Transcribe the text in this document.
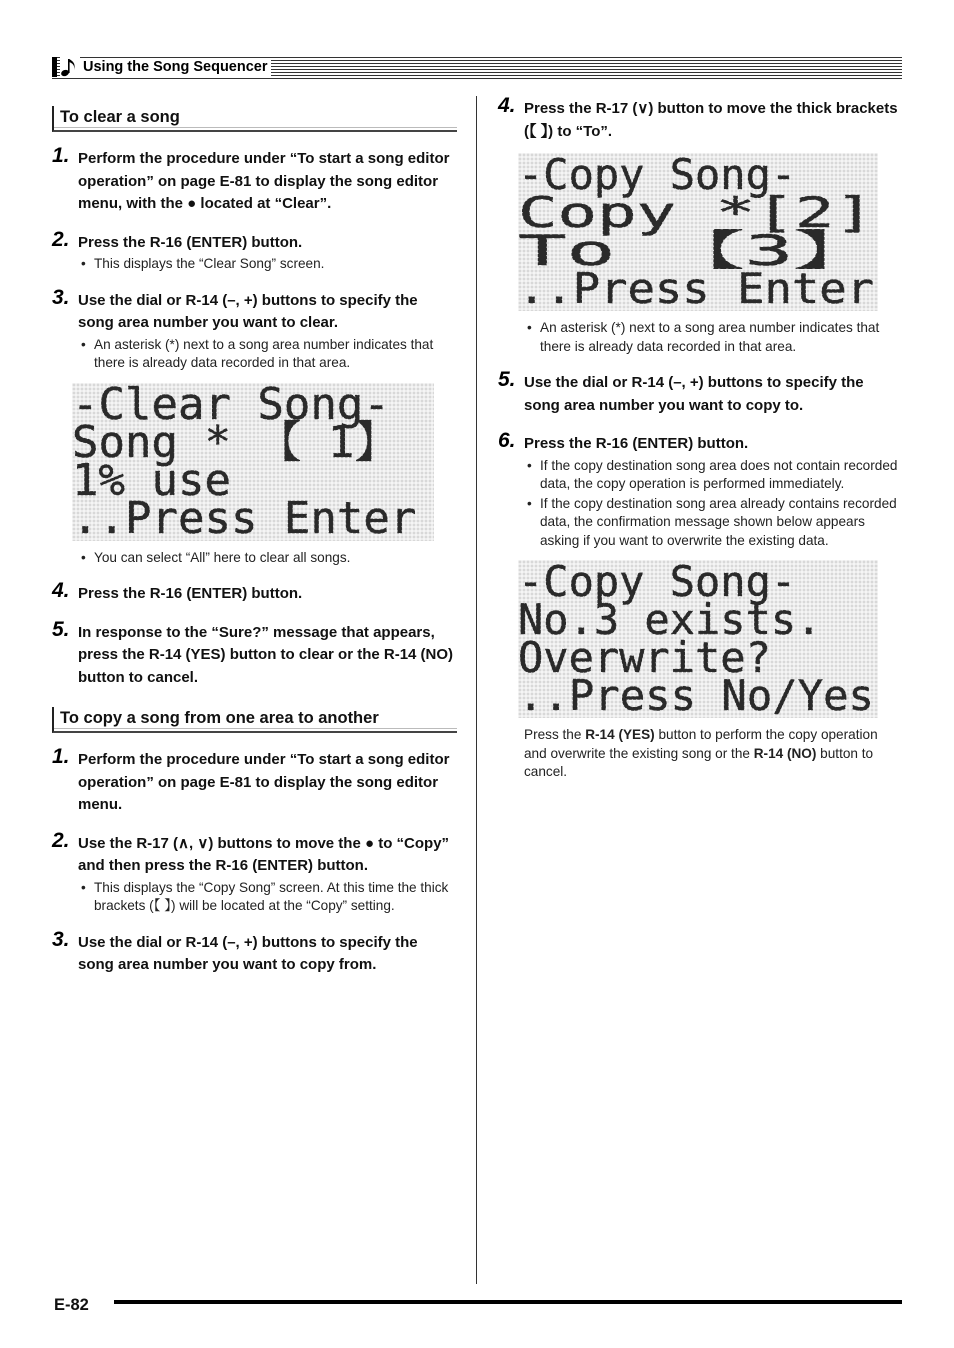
Using the Song Sequencer
To clear a song
1. Perform the procedure under “To start a song editor operation” on page E-81 to display the song editor menu, with the ● located at “Clear”.
2. Press the R-16 (ENTER) button.
• This displays the “Clear Song” screen.
3. Use the dial or R-14 (–, +) buttons to specify the song area number you want to clear.
• An asterisk (*) next to a song area number indicates that there is already data recorded in that area.
-Clear Song-
Song * 【 1】
1% use
..Press Enter
• You can select “All” here to clear all songs.
4. Press the R-16 (ENTER) button.
5. In response to the “Sure?” message that appears, press the R-14 (YES) button to clear or the R-14 (NO) button to cancel.
To copy a song from one area to another
1. Perform the procedure under “To start a song editor operation” on page E-81 to display the song editor menu.
2. Use the R-17 (∧, ∨) buttons to move the ● to “Copy” and then press the R-16 (ENTER) button.
• This displays the “Copy Song” screen. At this time the thick brackets (【 】) will be located at the “Copy” setting.
3. Use the dial or R-14 (–, +) buttons to specify the song area number you want to copy from.
4. Press the R-17 (∨) button to move the thick brackets (【 】) to “To”.
-Copy Song-
Copy *[2]
To 【3】
..Press Enter
• An asterisk (*) next to a song area number indicates that there is already data recorded in that area.
5. Use the dial or R-14 (–, +) buttons to specify the song area number you want to copy to.
6. Press the R-16 (ENTER) button.
• If the copy destination song area does not contain recorded data, the copy operation is performed immediately.
• If the copy destination song area already contains recorded data, the confirmation message shown below appears asking if you want to overwrite the existing data.
-Copy Song-
No.3 exists.
Overwrite?
..Press No/Yes
Press the R-14 (YES) button to perform the copy operation and overwrite the existing song or the R-14 (NO) button to cancel.
E-82
